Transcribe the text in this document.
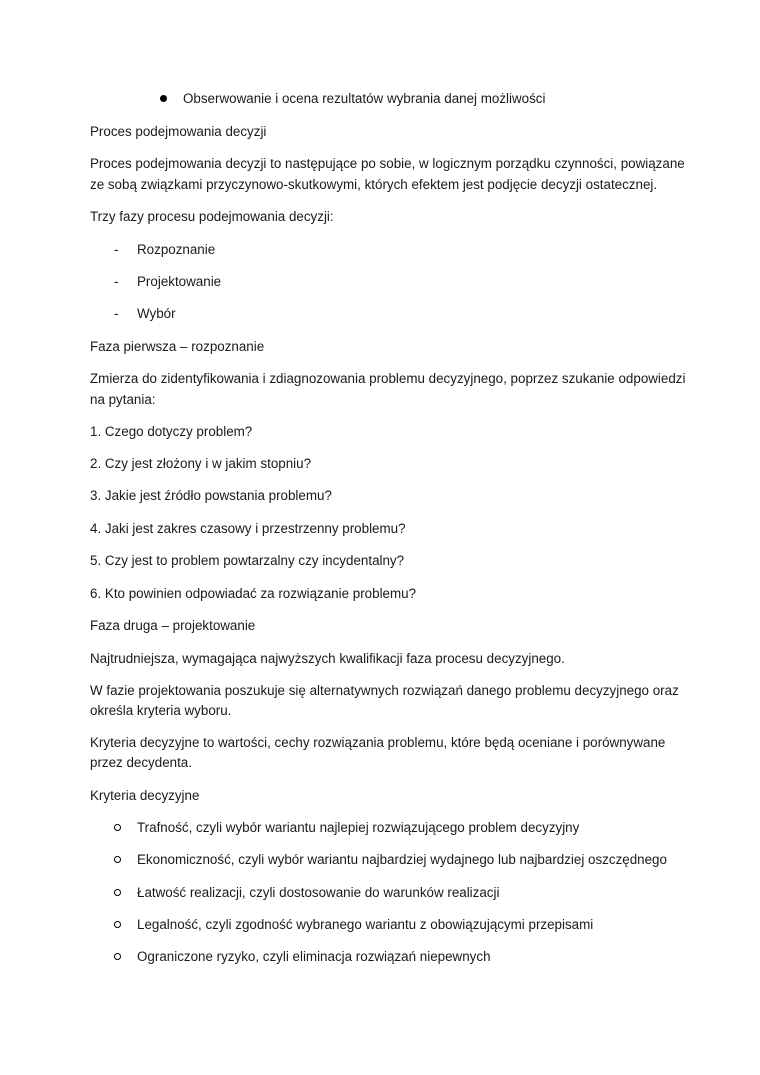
Obserwowanie i ocena rezultatów wybrania danej możliwości

Proces podejmowania decyzji

Proces podejmowania decyzji to następujące po sobie, w logicznym porządku czynności, powiązane

ze sobą związkami przyczynowo-skutkowymi, których efektem jest podjęcie decyzji ostatecznej.

Trzy fazy procesu podejmowania decyzji:

- Rozpoznanie

- Projektowanie

- Wybór

Faza pierwsza – rozpoznanie

Zmierza do zidentyfikowania i zdiagnozowania problemu decyzyjnego, poprzez szukanie odpowiedzi

na pytania:

1. Czego dotyczy problem?

2. Czy jest złożony i w jakim stopniu?

3. Jakie jest źródło powstania problemu?

4. Jaki jest zakres czasowy i przestrzenny problemu?

5. Czy jest to problem powtarzalny czy incydentalny?

6. Kto powinien odpowiadać za rozwiązanie problemu?

Faza druga – projektowanie

Najtrudniejsza, wymagająca najwyższych kwalifikacji faza procesu decyzyjnego.

W fazie projektowania poszukuje się alternatywnych rozwiązań danego problemu decyzyjnego oraz

określa kryteria wyboru.

Kryteria decyzyjne to wartości, cechy rozwiązania problemu, które będą oceniane i porównywane

przez decydenta.

Kryteria decyzyjne

Trafność, czyli wybór wariantu najlepiej rozwiązującego problem decyzyjny

Ekonomiczność, czyli wybór wariantu najbardziej wydajnego lub najbardziej oszczędnego

Łatwość realizacji, czyli dostosowanie do warunków realizacji

Legalność, czyli zgodność wybranego wariantu z obowiązującymi przepisami

Ograniczone ryzyko, czyli eliminacja rozwiązań niepewnych
